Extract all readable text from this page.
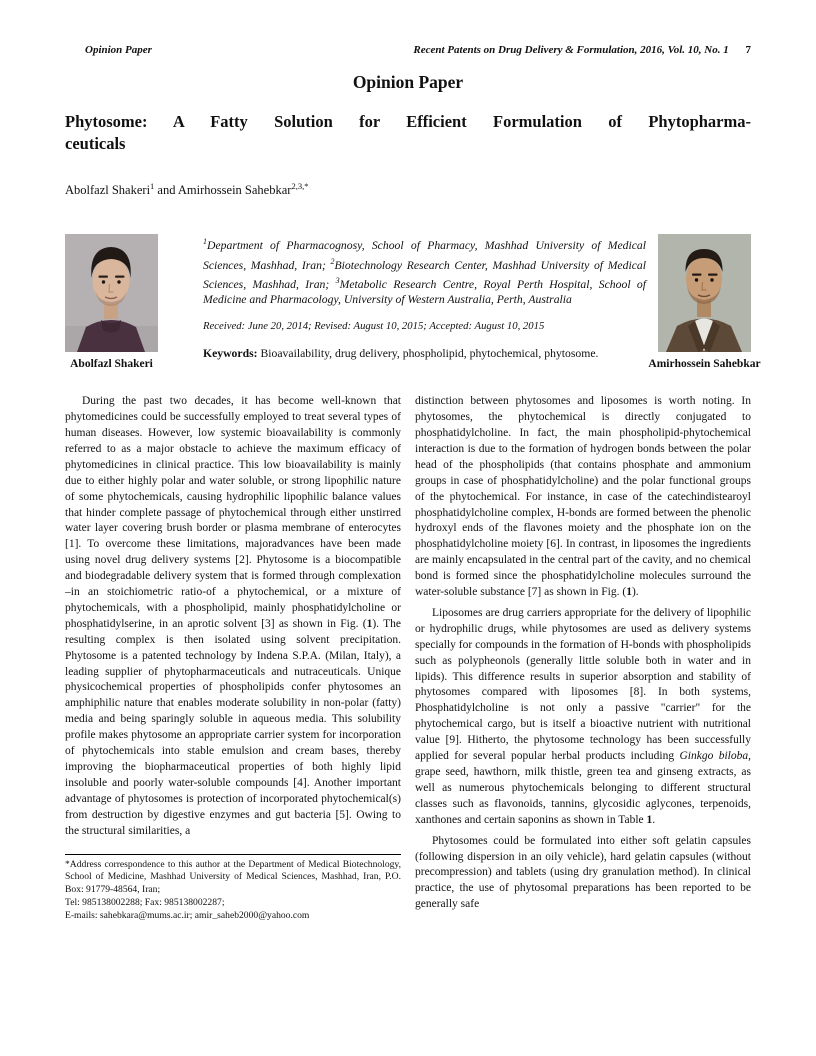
Opinion Paper	Recent Patents on Drug Delivery & Formulation, 2016, Vol. 10, No. 1 7
Opinion Paper
Phytosome: A Fatty Solution for Efficient Formulation of Phytopharma-
ceuticals
Abolfazl Shakeri$^1$ and Amirhossein Sahebkar$^{2,3,*}$
Abolfazl Shakeri

$^1$Department of Pharmacognosy, School of Pharmacy, Mashhad University of Medical Sciences, Mashhad, Iran; $^2$Biotechnology Research Center, Mashhad University of Medical Sciences, Mashhad, Iran; $^3$Metabolic Research Centre, Royal Perth Hospital, School of Medicine and Pharmacology, University of Western Australia, Perth, Australia

Received: June 20, 2014; Revised: August 10, 2015; Accepted: August 10, 2015

Keywords: Bioavailability, drug delivery, phospholipid, phytochemical, phytosome.

Amirhossein Sahebkar

During the past two decades, it has become well-known that phytomedicines could be successfully employed to treat several types of human diseases. However, low systemic bioavailability is commonly referred to as a major obstacle to achieve the maximum efficacy of phytomedicines in clinical practice. This low bioavailability is mainly due to either highly polar and water soluble, or strong lipophilic nature of some phytochemicals, causing hydrophilic lipophilic balance values that hinder complete passage of phytochemical through either unstirred water layer covering brush border or plasma membrane of enterocytes [1]. To overcome these limitations, majoradvances have been made using novel drug delivery systems [2]. Phytosome is a biocompatible and biodegradable delivery system that is formed through complexation –in an stoichiometric ratio-of a phytochemical, or a mixture of phytochemicals, with a phospholipid, mainly phosphatidylcholine or phosphatidylserine, in an aprotic solvent [3] as shown in Fig. (1). The resulting complex is then isolated using solvent precipitation. Phytosome is a patented technology by Indena S.P.A. (Milan, Italy), a leading supplier of phytopharmaceuticals and nutraceuticals. Unique physicochemical properties of phospholipids confer phytosomes an amphiphilic nature that enables moderate solubility in non-polar (fatty) media and being sparingly soluble in aqueous media. This solubility profile makes phytosome an appropriate carrier system for incorporation of phytochemicals into stable emulsion and cream bases, thereby improving the biopharmaceutical properties of both highly lipid insoluble and poorly water-soluble compounds [4]. Another important advantage of phytosomes is protection of incorporated phytochemical(s) from destruction by digestive enzymes and gut bacteria [5]. Owing to the structural similarities, a

*Address correspondence to this author at the Department of Medical Biotechnology, School of Medicine, Mashhad University of Medical Sciences, Mashhad, Iran, P.O. Box: 91779-48564, Iran;

Tel: 985138002288; Fax: 985138002287;

E-mails: sahebkara@mums.ac.ir; amir_saheb2000@yahoo.com

distinction between phytosomes and liposomes is worth noting. In phytosomes, the phytochemical is directly conjugated to phosphatidylcholine. In fact, the main phospholipid-phytochemical interaction is due to the formation of hydrogen bonds between the polar head of the phospholipids (that contains phosphate and ammonium groups in case of phosphatidylcholine) and the polar functional groups of the phytochemical. For instance, in case of the catechindistearoyl phosphatidylcholine complex, H-bonds are formed between the phenolic hydroxyl ends of the flavones moiety and the phosphate ion on the phosphatidylcholine moiety [6]. In contrast, in liposomes the ingredients are mainly encapsulated in the central part of the cavity, and no chemical bond is formed since the phosphatidylcholine molecules surround the water-soluble substance [7] as shown in Fig. (1).

Liposomes are drug carriers appropriate for the delivery of lipophilic or hydrophilic drugs, while phytosomes are used as delivery systems specially for compounds in the formation of H-bonds with phospholipids such as polypheonols (generally little soluble both in water and in lipids). This difference results in superior absorption and stability of phytosomes compared with liposomes [8]. In both systems, Phosphatidylcholine is not only a passive "carrier" for the phytochemical cargo, but is itself a bioactive nutrient with nutritional value [9]. Hitherto, the phytosome technology has been successfully applied for several popular herbal products including Ginkgo biloba, grape seed, hawthorn, milk thistle, green tea and ginseng extracts, as well as numerous phytochemicals belonging to different structural classes such as flavonoids, tannins, glycosidic aglycones, terpenoids, xanthones and certain saponins as shown in Table 1.

Phytosomes could be formulated into either soft gelatin capsules (following dispersion in an oily vehicle), hard gelatin capsules (without precompression) and tablets (using dry granulation method). In clinical practice, the use of phytosomal preparations has been reported to be generally safe
